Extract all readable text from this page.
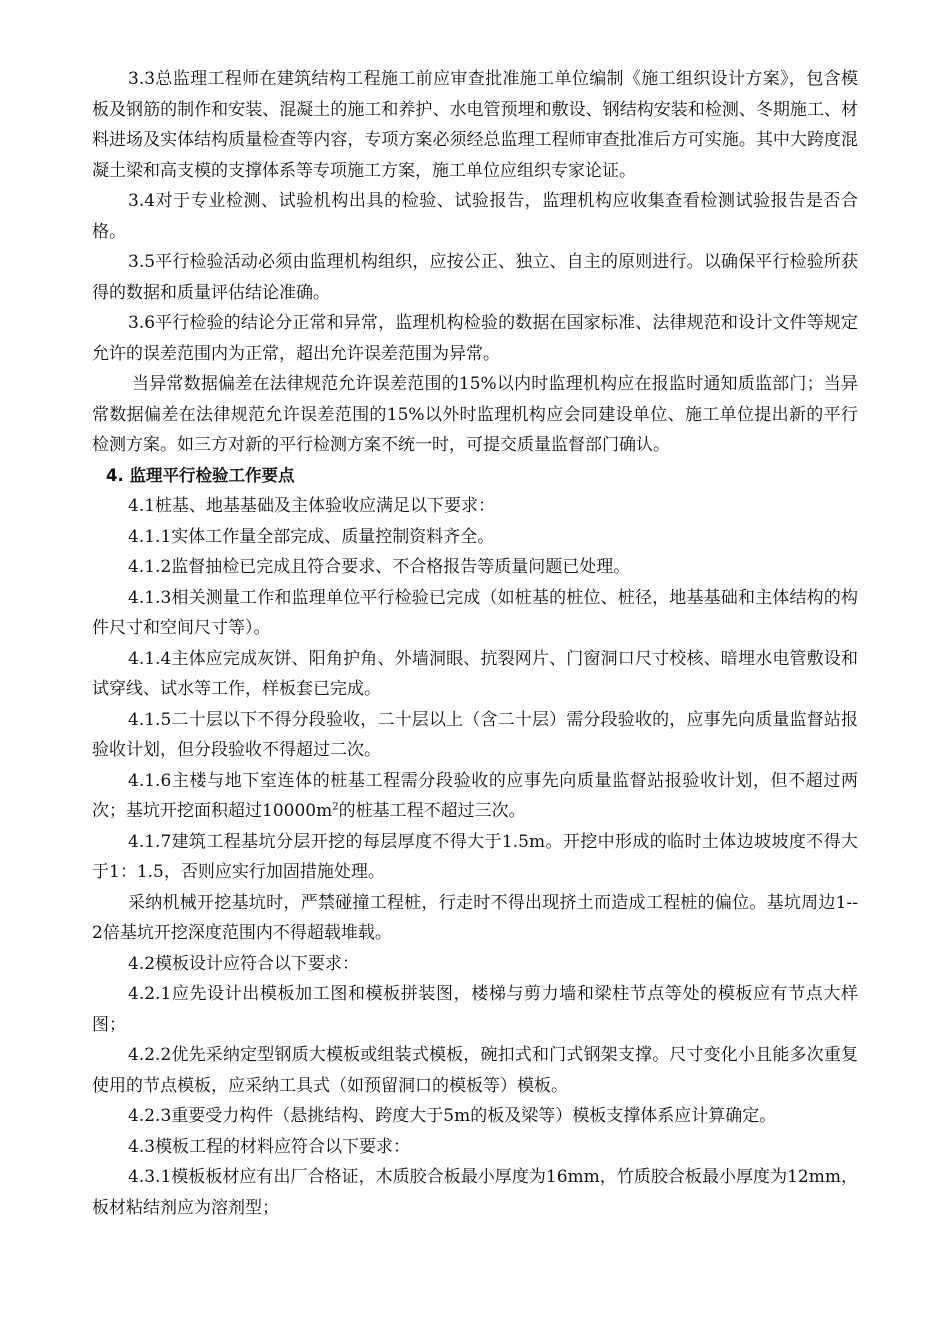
3.3总监理工程师在建筑结构工程施工前应审查批准施工单位编制《施工组织设计方案》，包含模板及钢筋的制作和安装、混凝土的施工和养护、水电管预埋和敷设、钢结构安装和检测、冬期施工、材料进场及实体结构质量检查等内容，专项方案必须经总监理工程师审查批准后方可实施。其中大跨度混凝土梁和高支模的支撑体系等专项施工方案，施工单位应组织专家论证。

3.4对于专业检测、试验机构出具的检验、试验报告，监理机构应收集查看检测试验报告是否合格。

3.5平行检验活动必须由监理机构组织，应按公正、独立、自主的原则进行。以确保平行检验所获得的数据和质量评估结论准确。

3.6平行检验的结论分正常和异常，监理机构检验的数据在国家标准、法律规范和设计文件等规定允许的误差范围内为正常，超出允许误差范围为异常。

当异常数据偏差在法律规范允许误差范围的15%以内时监理机构应在报监时通知质监部门；当异常数据偏差在法律规范允许误差范围的15%以外时监理机构应会同建设单位、施工单位提出新的平行检测方案。如三方对新的平行检测方案不统一时，可提交质量监督部门确认。

4. 监理平行检验工作要点

4.1桩基、地基基础及主体验收应满足以下要求：

4.1.1实体工作量全部完成、质量控制资料齐全。

4.1.2监督抽检已完成且符合要求、不合格报告等质量问题已处理。

4.1.3相关测量工作和监理单位平行检验已完成（如桩基的桩位、桩径，地基基础和主体结构的构件尺寸和空间尺寸等）。

4.1.4主体应完成灰饼、阳角护角、外墙洞眼、抗裂网片、门窗洞口尺寸校核、暗埋水电管敷设和试穿线、试水等工作，样板套已完成。

4.1.5二十层以下不得分段验收，二十层以上（含二十层）需分段验收的，应事先向质量监督站报验收计划，但分段验收不得超过二次。

4.1.6主楼与地下室连体的桩基工程需分段验收的应事先向质量监督站报验收计划，但不超过两次；基坑开挖面积超过$10000m^2$的桩基工程不超过三次。

4.1.7建筑工程基坑分层开挖的每层厚度不得大于1.5m。开挖中形成的临时土体边坡坡度不得大于1：1.5，否则应实行加固措施处理。

采纳机械开挖基坑时，严禁碰撞工程桩，行走时不得出现挤土而造成工程桩的偏位。基坑周边1--2倍基坑开挖深度范围内不得超载堆载。

4.2模板设计应符合以下要求：

4.2.1应先设计出模板加工图和模板拼装图，楼梯与剪力墙和梁柱节点等处的模板应有节点大样图；

4.2.2优先采纳定型钢质大模板或组装式模板，碗扣式和门式钢架支撑。尺寸变化小且能多次重复使用的节点模板，应采纳工具式（如预留洞口的模板等）模板。

4.2.3重要受力构件（悬挑结构、跨度大于5m的板及梁等）模板支撑体系应计算确定。

4.3模板工程的材料应符合以下要求：

4.3.1模板板材应有出厂合格证，木质胶合板最小厚度为16mm，竹质胶合板最小厚度为12mm，板材粘结剂应为溶剂型；
